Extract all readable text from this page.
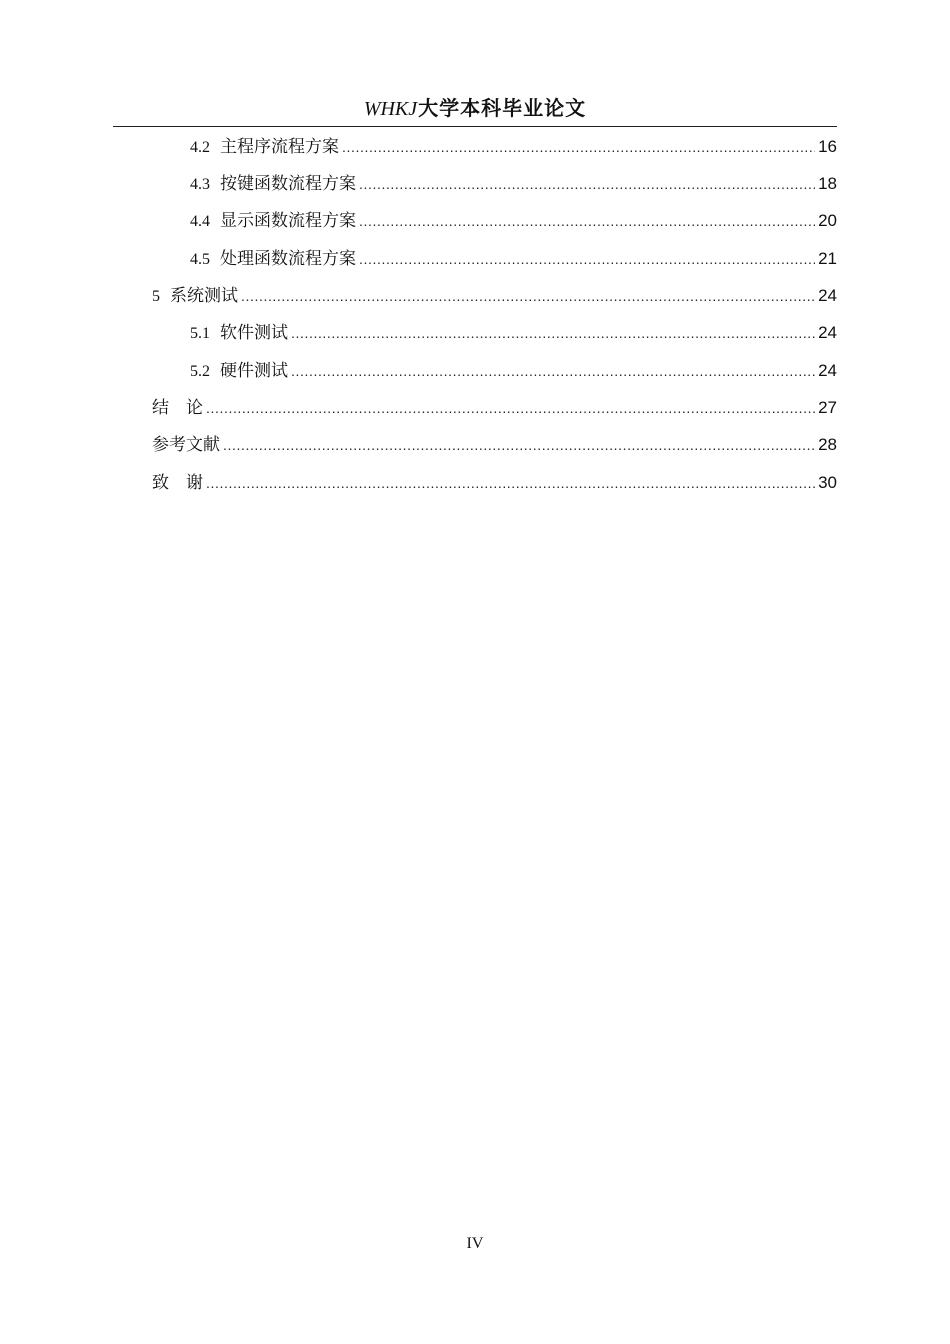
WHKJ大学本科毕业论文
4.2 主程序流程方案 .....	16
4.3 按键函数流程方案 .....	18
4.4 显示函数流程方案 .....	20
4.5 处理函数流程方案 .....	21
5 系统测试 .....	24
5.1 软件测试 .....	24
5.2 硬件测试 .....	24
结　论 .....	27
参考文献 .....	28
致　谢 .....	30
IV
